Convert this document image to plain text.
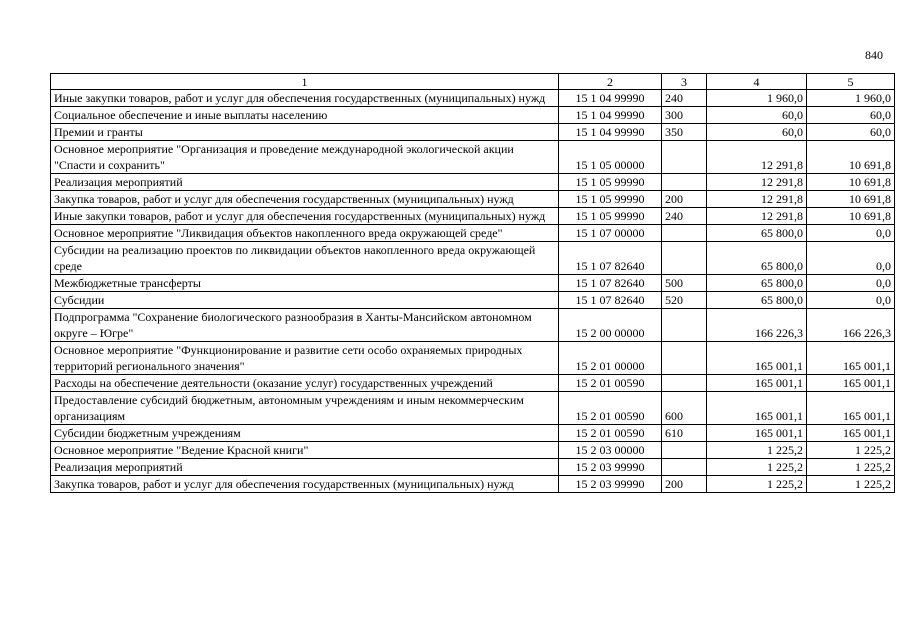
840
1	2	3	4	5
Иные закупки товаров, работ и услуг для обеспечения государственных (муниципальных) нужд	15 1 04 99990	240	1 960,0	1 960,0
Социальное обеспечение и иные выплаты населению	15 1 04 99990	300	60,0	60,0
Премии и гранты	15 1 04 99990	350	60,0	60,0
Основное мероприятие "Организация и проведение международной экологической акции "Спасти и сохранить"	15 1 05 00000		12 291,8	10 691,8
Реализация мероприятий	15 1 05 99990		12 291,8	10 691,8
Закупка товаров, работ и услуг для обеспечения государственных (муниципальных) нужд	15 1 05 99990	200	12 291,8	10 691,8
Иные закупки товаров, работ и услуг для обеспечения государственных (муниципальных) нужд	15 1 05 99990	240	12 291,8	10 691,8
Основное мероприятие "Ликвидация объектов накопленного вреда окружающей среде"	15 1 07 00000		65 800,0	0,0
Субсидии на реализацию проектов по ликвидации объектов накопленного вреда окружающей среде	15 1 07 82640		65 800,0	0,0
Межбюджетные трансферты	15 1 07 82640	500	65 800,0	0,0
Субсидии	15 1 07 82640	520	65 800,0	0,0
Подпрограмма "Сохранение биологического разнообразия в Ханты-Мансийском автономном округе – Югре"	15 2 00 00000		166 226,3	166 226,3
Основное мероприятие "Функционирование и развитие сети особо охраняемых природных территорий регионального значения"	15 2 01 00000		165 001,1	165 001,1
Расходы на обеспечение деятельности (оказание услуг) государственных учреждений	15 2 01 00590		165 001,1	165 001,1
Предоставление субсидий бюджетным, автономным учреждениям и иным некоммерческим организациям	15 2 01 00590	600	165 001,1	165 001,1
Субсидии бюджетным учреждениям	15 2 01 00590	610	165 001,1	165 001,1
Основное мероприятие "Ведение Красной книги"	15 2 03 00000		1 225,2	1 225,2
Реализация мероприятий	15 2 03 99990		1 225,2	1 225,2
Закупка товаров, работ и услуг для обеспечения государственных (муниципальных) нужд	15 2 03 99990	200	1 225,2	1 225,2
